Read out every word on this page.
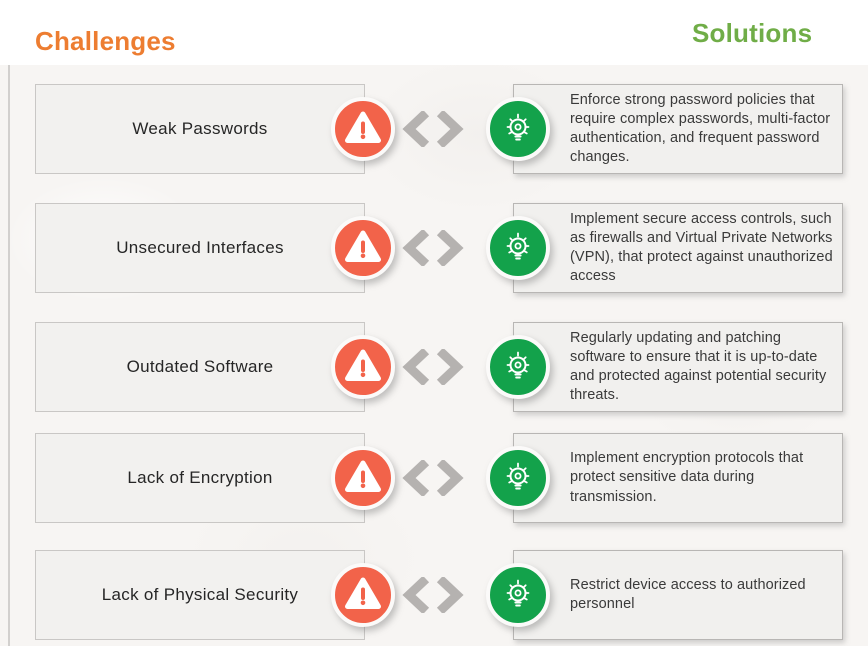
Challenges	Solutions
Weak Passwords
Enforce strong password policies that require complex passwords, multi-factor authentication, and frequent password changes.
Unsecured Interfaces
Implement secure access controls, such as firewalls and Virtual Private Networks (VPN), that protect against unauthorized access
Outdated Software
Regularly updating and patching software to ensure that it is up-to-date and protected against potential security threats.
Lack of Encryption
Implement encryption protocols that protect sensitive data during transmission.
Lack of Physical Security
Restrict device access to authorized personnel
